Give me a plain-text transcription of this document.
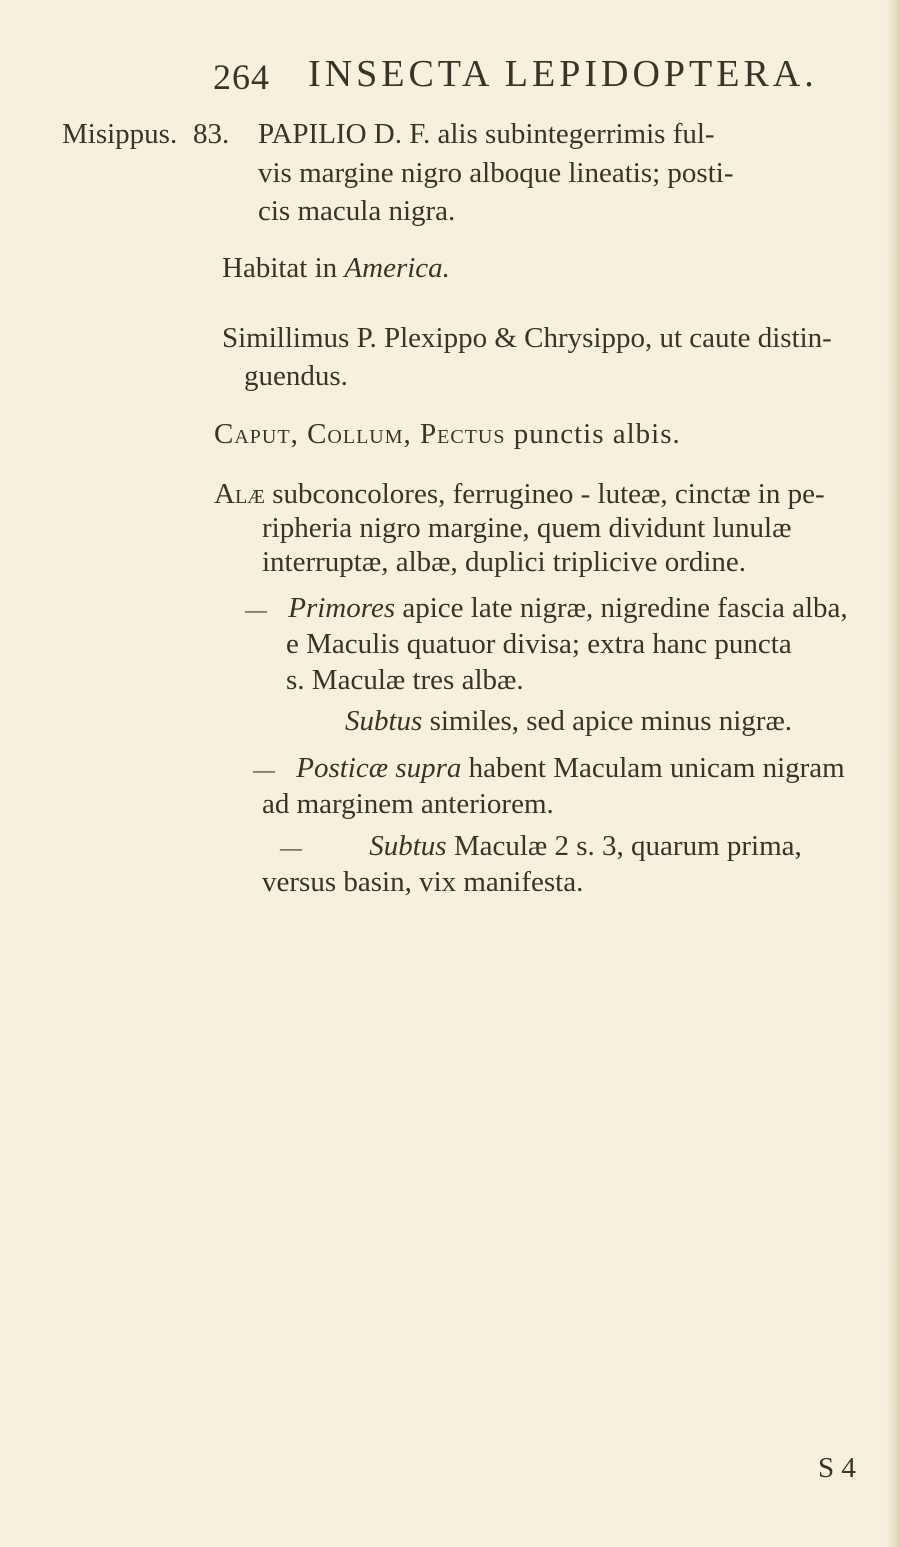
264 INSECTA LEPIDOPTERA.
Misippus. 83. PAPILIO D. F. alis subintegerrimis ful-
vis margine nigro alboque lineatis; posti-
cis macula nigra.
Habitat in America.
Simillimus P. Plexippo & Chrysippo, ut caute distin-
guendus.
Caput, Collum, Pectus punctis albis.
Alæ subconcolores, ferrugineo - luteæ, cinctæ in pe-
ripheria nigro margine, quem dividunt lunulæ
interruptæ, albæ, duplici triplicive ordine.
— Primores apice late nigræ, nigredine fascia alba,
e Maculis quatuor divisa; extra hanc puncta
s. Maculæ tres albæ.
Subtus similes, sed apice minus nigræ.
— Posticæ supra habent Maculam unicam nigram
ad marginem anteriorem.
— Subtus Maculæ 2 s. 3, quarum prima,
versus basin, vix manifesta.
S 4
